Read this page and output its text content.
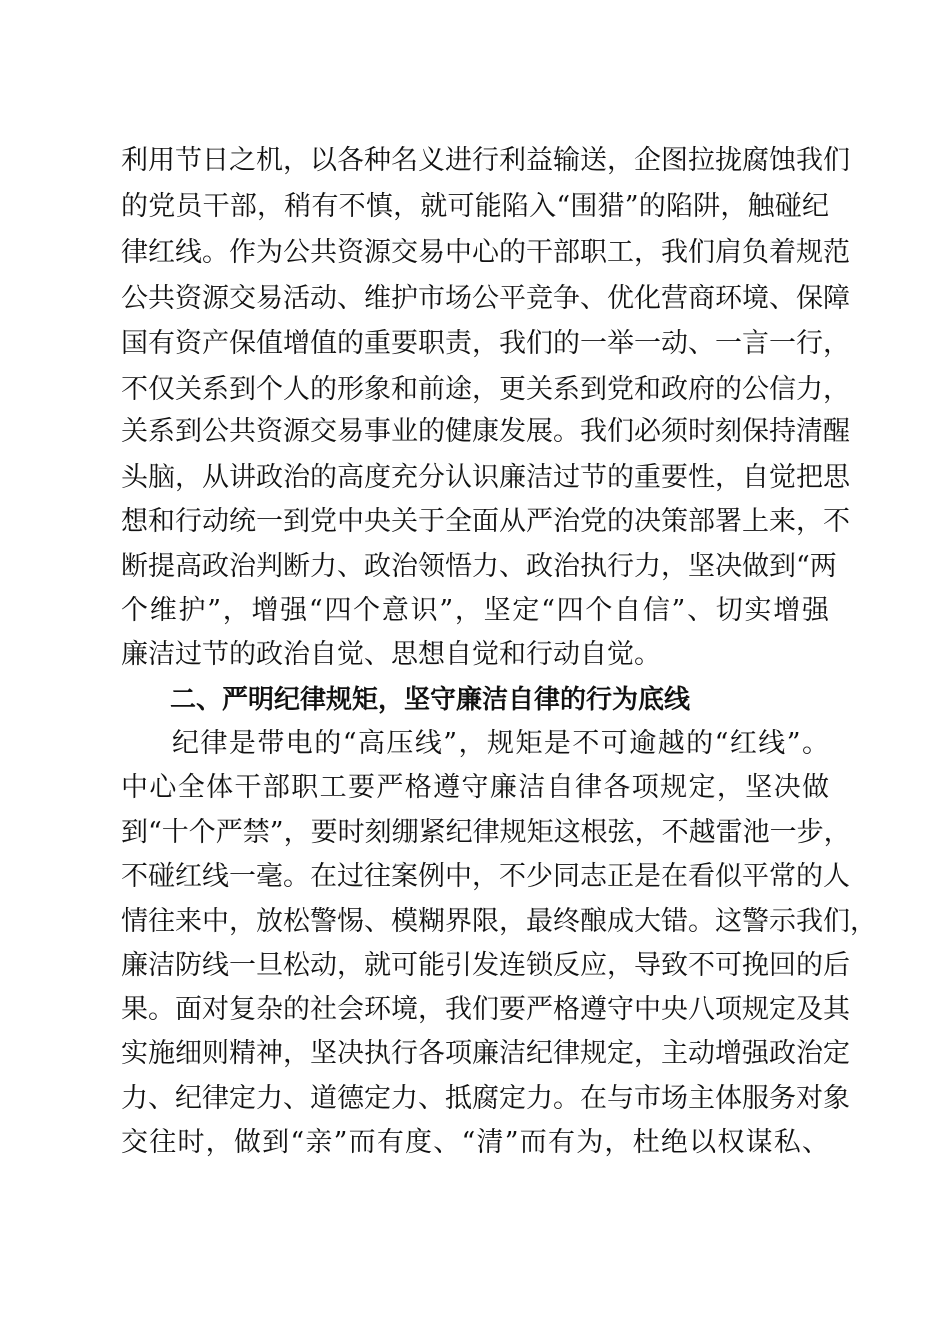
利用节日之机，以各种名义进行利益输送，企图拉拢腐蚀我们
的党员干部，稍有不慎，就可能陷入“围猎”的陷阱，触碰纪
律红线。作为公共资源交易中心的干部职工，我们肩负着规范
公共资源交易活动、维护市场公平竞争、优化营商环境、保障
国有资产保值增值的重要职责，我们的一举一动、一言一行，
不仅关系到个人的形象和前途，更关系到党和政府的公信力，
关系到公共资源交易事业的健康发展。我们必须时刻保持清醒
头脑，从讲政治的高度充分认识廉洁过节的重要性，自觉把思
想和行动统一到党中央关于全面从严治党的决策部署上来，不
断提高政治判断力、政治领悟力、政治执行力，坚决做到“两
个维护”，增强“四个意识”，坚定“四个自信”、切实增强
廉洁过节的政治自觉、思想自觉和行动自觉。
二、严明纪律规矩，坚守廉洁自律的行为底线
纪律是带电的“高压线”，规矩是不可逾越的“红线”。
中心全体干部职工要严格遵守廉洁自律各项规定，坚决做
到“十个严禁”，要时刻绷紧纪律规矩这根弦，不越雷池一步，
不碰红线一毫。在过往案例中，不少同志正是在看似平常的人
情往来中，放松警惕、模糊界限，最终酿成大错。这警示我们，
廉洁防线一旦松动，就可能引发连锁反应，导致不可挽回的后
果。面对复杂的社会环境，我们要严格遵守中央八项规定及其
实施细则精神，坚决执行各项廉洁纪律规定，主动增强政治定
力、纪律定力、道德定力、抵腐定力。在与市场主体服务对象
交往时，做到“亲”而有度、“清”而有为，杜绝以权谋私、
